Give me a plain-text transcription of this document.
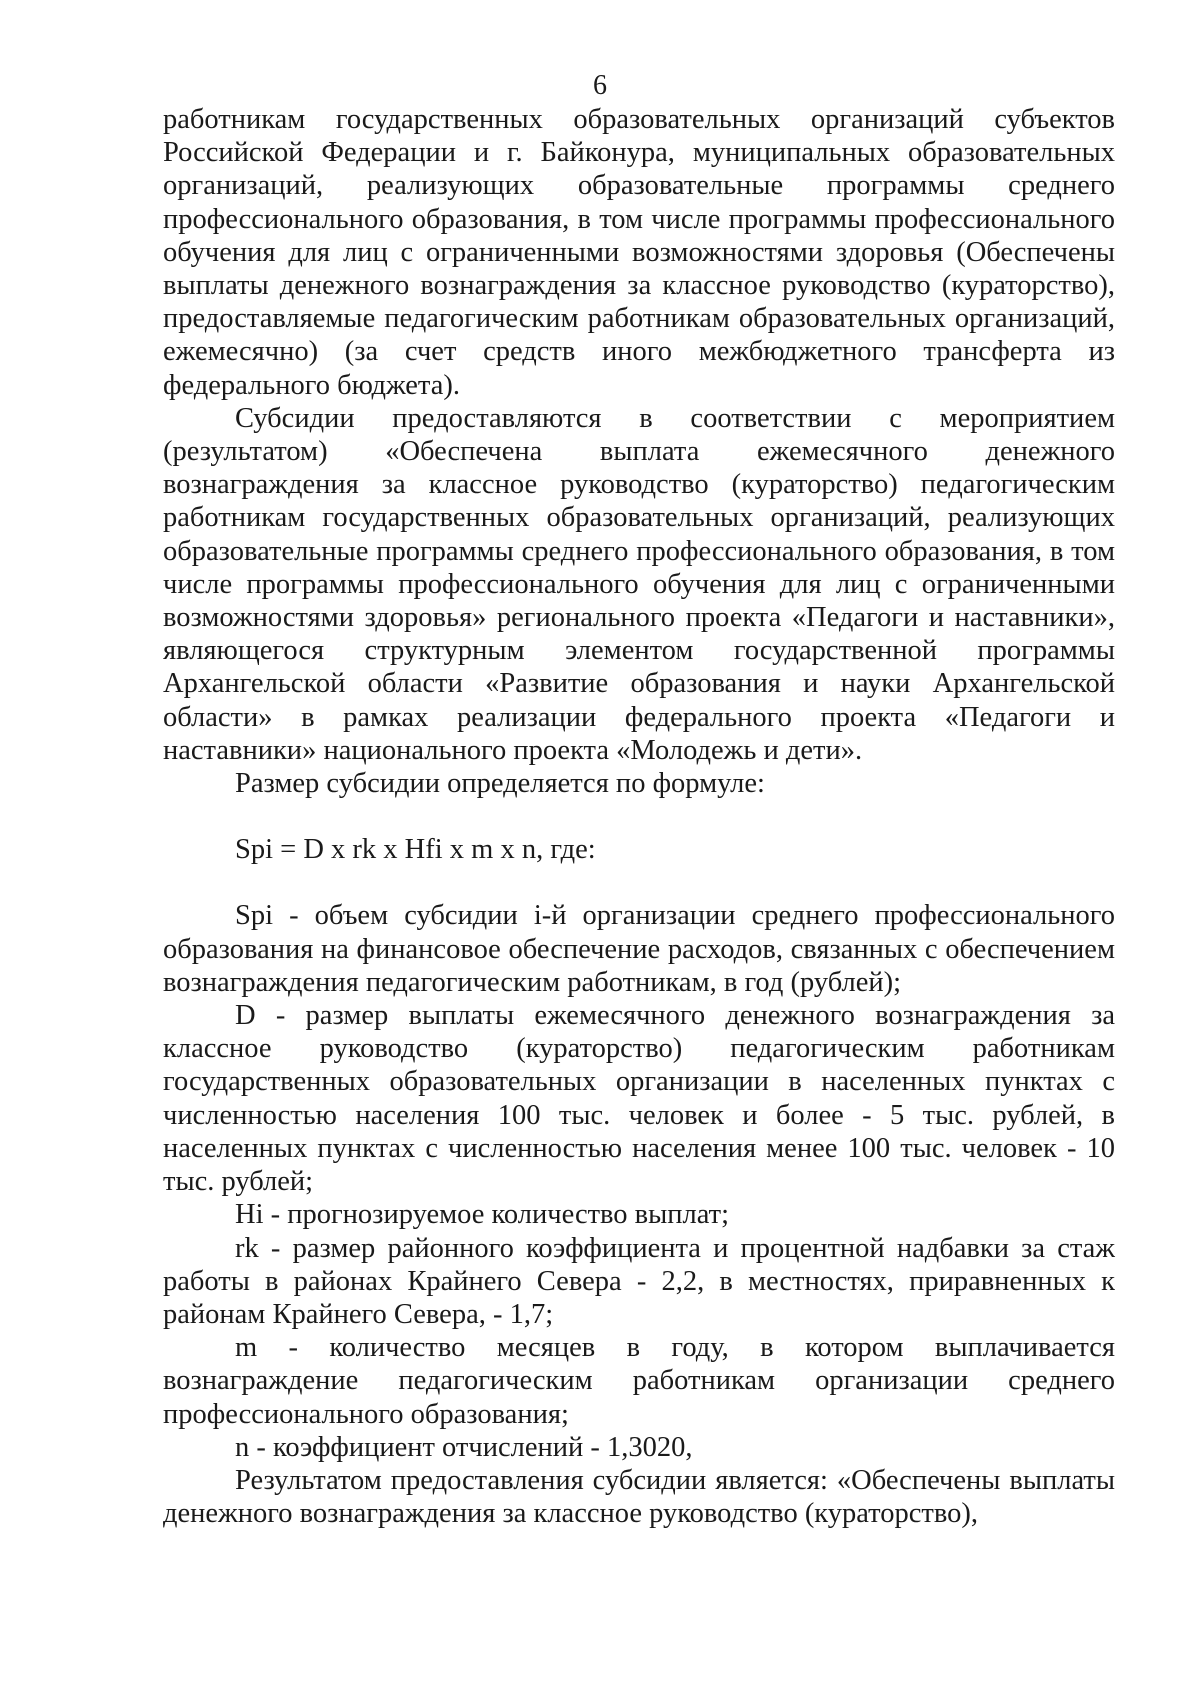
6

работникам государственных образовательных организаций субъектов Российской Федерации и г. Байконура, муниципальных образовательных организаций, реализующих образовательные программы среднего профессионального образования, в том числе программы профессионального обучения для лиц с ограниченными возможностями здоровья (Обеспечены выплаты денежного вознаграждения за классное руководство (кураторство), предоставляемые педагогическим работникам образовательных организаций, ежемесячно) (за счет средств иного межбюджетного трансферта из федерального бюджета).

Субсидии предоставляются в соответствии с мероприятием (результатом) «Обеспечена выплата ежемесячного денежного вознаграждения за классное руководство (кураторство) педагогическим работникам государственных образовательных организаций, реализующих образовательные программы среднего профессионального образования, в том числе программы профессионального обучения для лиц с ограниченными возможностями здоровья» регионального проекта «Педагоги и наставники», являющегося структурным элементом государственной программы Архангельской области «Развитие образования и науки Архангельской области» в рамках реализации федерального проекта «Педагоги и наставники» национального проекта «Молодежь и дети».

Размер субсидии определяется по формуле:

Spi = D x rk x Hfi x m x n, где:

Spi - объем субсидии i-й организации среднего профессионального образования на финансовое обеспечение расходов, связанных с обеспечением вознаграждения педагогическим работникам, в год (рублей);

D - размер выплаты ежемесячного денежного вознаграждения за классное руководство (кураторство) педагогическим работникам государственных образовательных организации в населенных пунктах с численностью населения 100 тыс. человек и более - 5 тыс. рублей, в населенных пунктах с численностью населения менее 100 тыс. человек - 10 тыс. рублей;

Hi - прогнозируемое количество выплат;

rk - размер районного коэффициента и процентной надбавки за стаж работы в районах Крайнего Севера - 2,2, в местностях, приравненных к районам Крайнего Севера, - 1,7;

m - количество месяцев в году, в котором выплачивается вознаграждение педагогическим работникам организации среднего профессионального образования;

n - коэффициент отчислений - 1,3020,

Результатом предоставления субсидии является: «Обеспечены выплаты денежного вознаграждения за классное руководство (кураторство),
